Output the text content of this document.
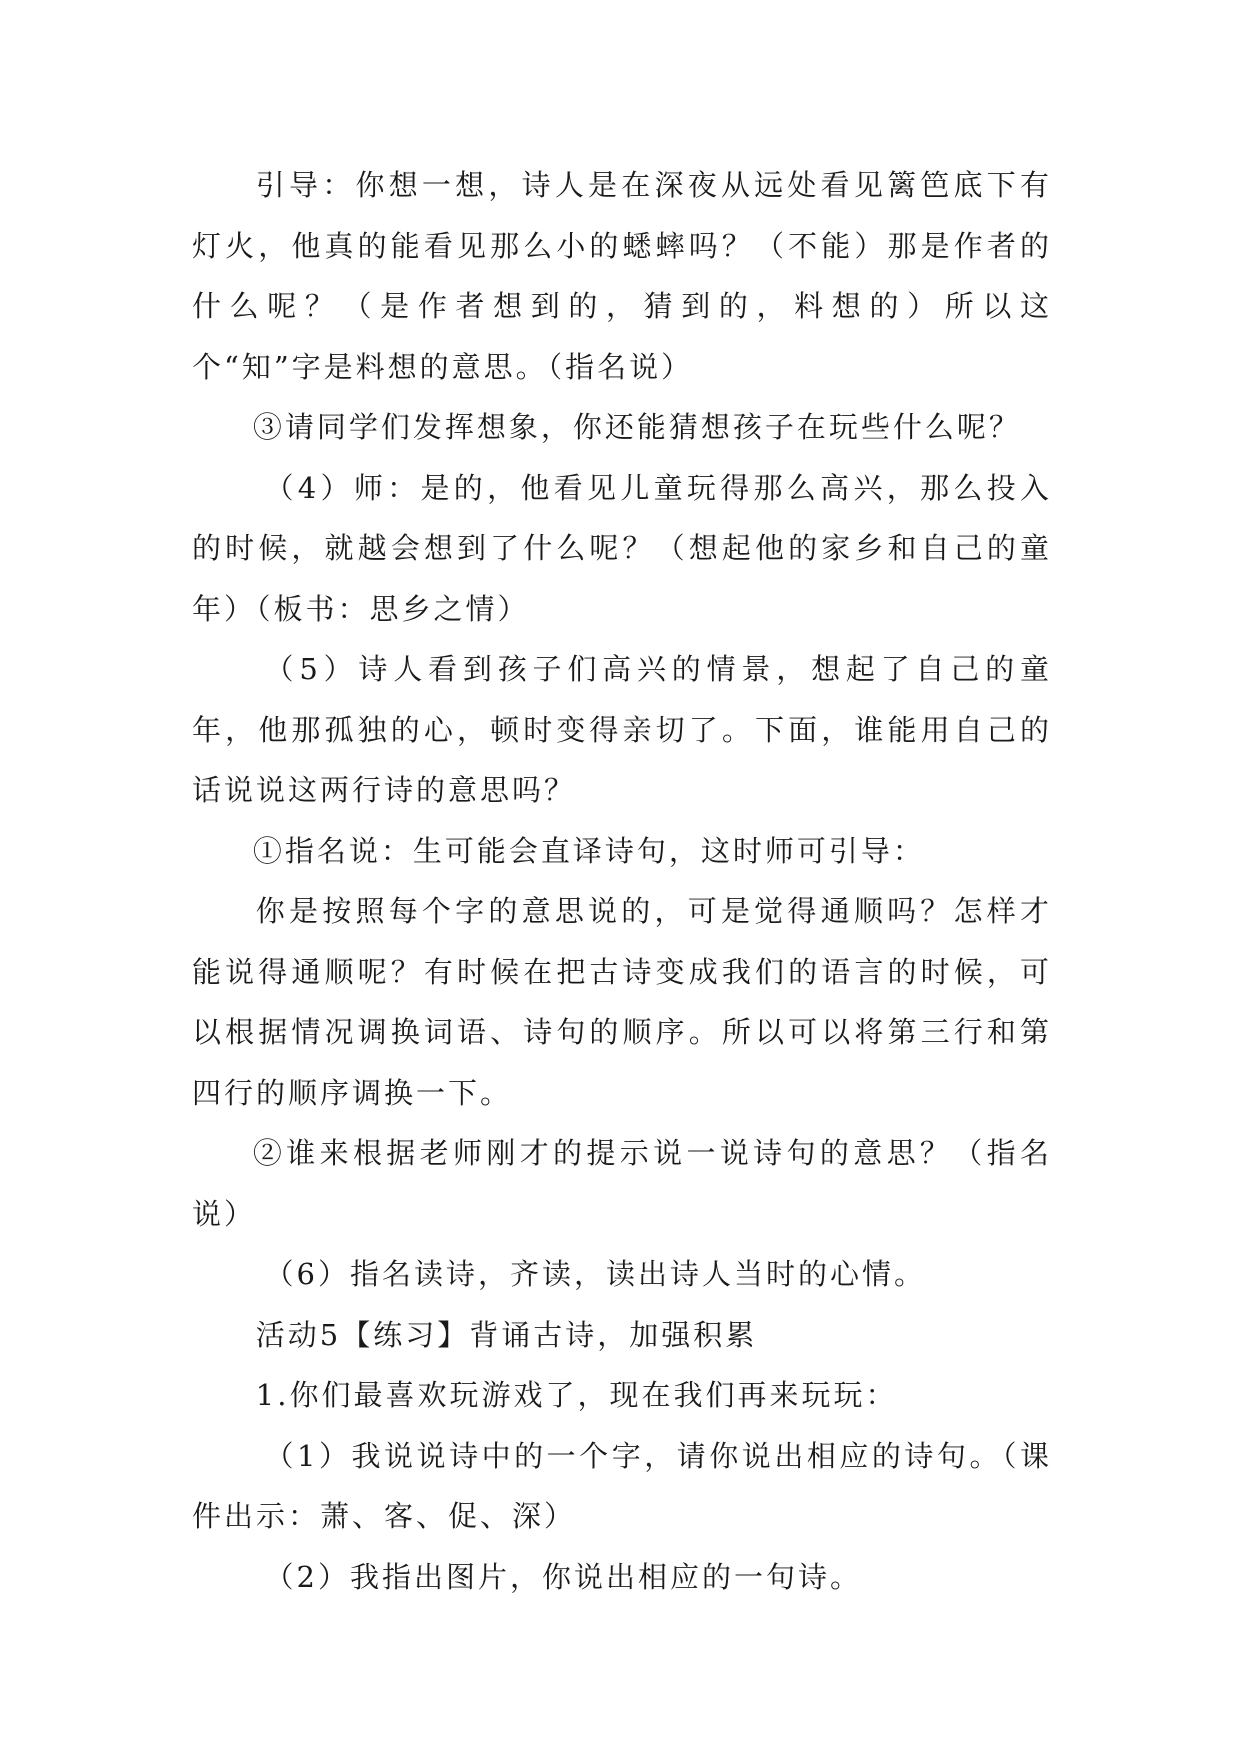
引导：你想一想，诗人是在深夜从远处看见篱笆底下有灯火，他真的能看见那么小的蟋蟀吗？（不能）那是作者的什么呢？（是作者想到的，猜到的，料想的）所以这个“知”字是料想的意思。（指名说）

③请同学们发挥想象，你还能猜想孩子在玩些什么呢？

（4）师：是的，他看见儿童玩得那么高兴，那么投入的时候，就越会想到了什么呢？（想起他的家乡和自己的童年）（板书：思乡之情）

（5）诗人看到孩子们高兴的情景，想起了自己的童年，他那孤独的心，顿时变得亲切了。下面，谁能用自己的话说说这两行诗的意思吗？

①指名说：生可能会直译诗句，这时师可引导：

你是按照每个字的意思说的，可是觉得通顺吗？怎样才能说得通顺呢？有时候在把古诗变成我们的语言的时候，可以根据情况调换词语、诗句的顺序。所以可以将第三行和第四行的顺序调换一下。

②谁来根据老师刚才的提示说一说诗句的意思？（指名说）

（6）指名读诗，齐读，读出诗人当时的心情。

活动5【练习】背诵古诗，加强积累

1.你们最喜欢玩游戏了，现在我们再来玩玩：

（1）我说说诗中的一个字，请你说出相应的诗句。（课件出示：萧、客、促、深）

（2）我指出图片，你说出相应的一句诗。
